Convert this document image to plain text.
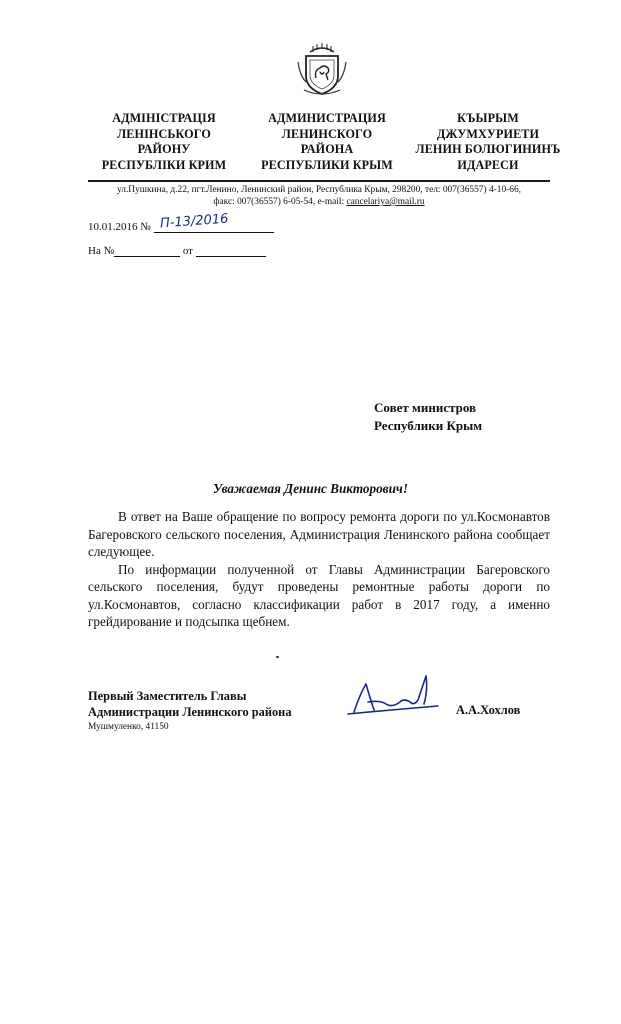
АДМІНІСТРАЦІЯ
ЛЕНІНСЬКОГО
РАЙОНУ
РЕСПУБЛІКИ КРИМ
АДМИНИСТРАЦИЯ
ЛЕНИНСКОГО
РАЙОНА
РЕСПУБЛИКИ КРЫМ
КЪЫРЫМ
ДЖУМХУРИЕТИ
ЛЕНИН БОЛЮГИНИНЪ
ИДАРЕСИ
ул.Пушкина, д.22, пгт.Ленино, Ленинский район, Республика Крым, 298200, тел: 007(36557) 4-10-66,
факс: 007(36557) 6-05-54, e-mail: cancelariya@mail.ru
10.01.2016 № П-13/2016
На №	от
Совет министров
Республики Крым
Уважаемая Денинс Викторович!

В ответ на Ваше обращение по вопросу ремонта дороги по ул.Космонавтов Багеровского сельского поселения, Администрация Ленинского района сообщает следующее.

По информации полученной от Главы Администрации Багеровского сельского поселения, будут проведены ремонтные работы дороги по ул.Космонавтов, согласно классификации работ в 2017 году, а именно грейдирование и подсыпка щебнем.

Первый Заместитель Главы
Администрации Ленинского района	А.А.Хохлов
Мушмуленко, 41150
